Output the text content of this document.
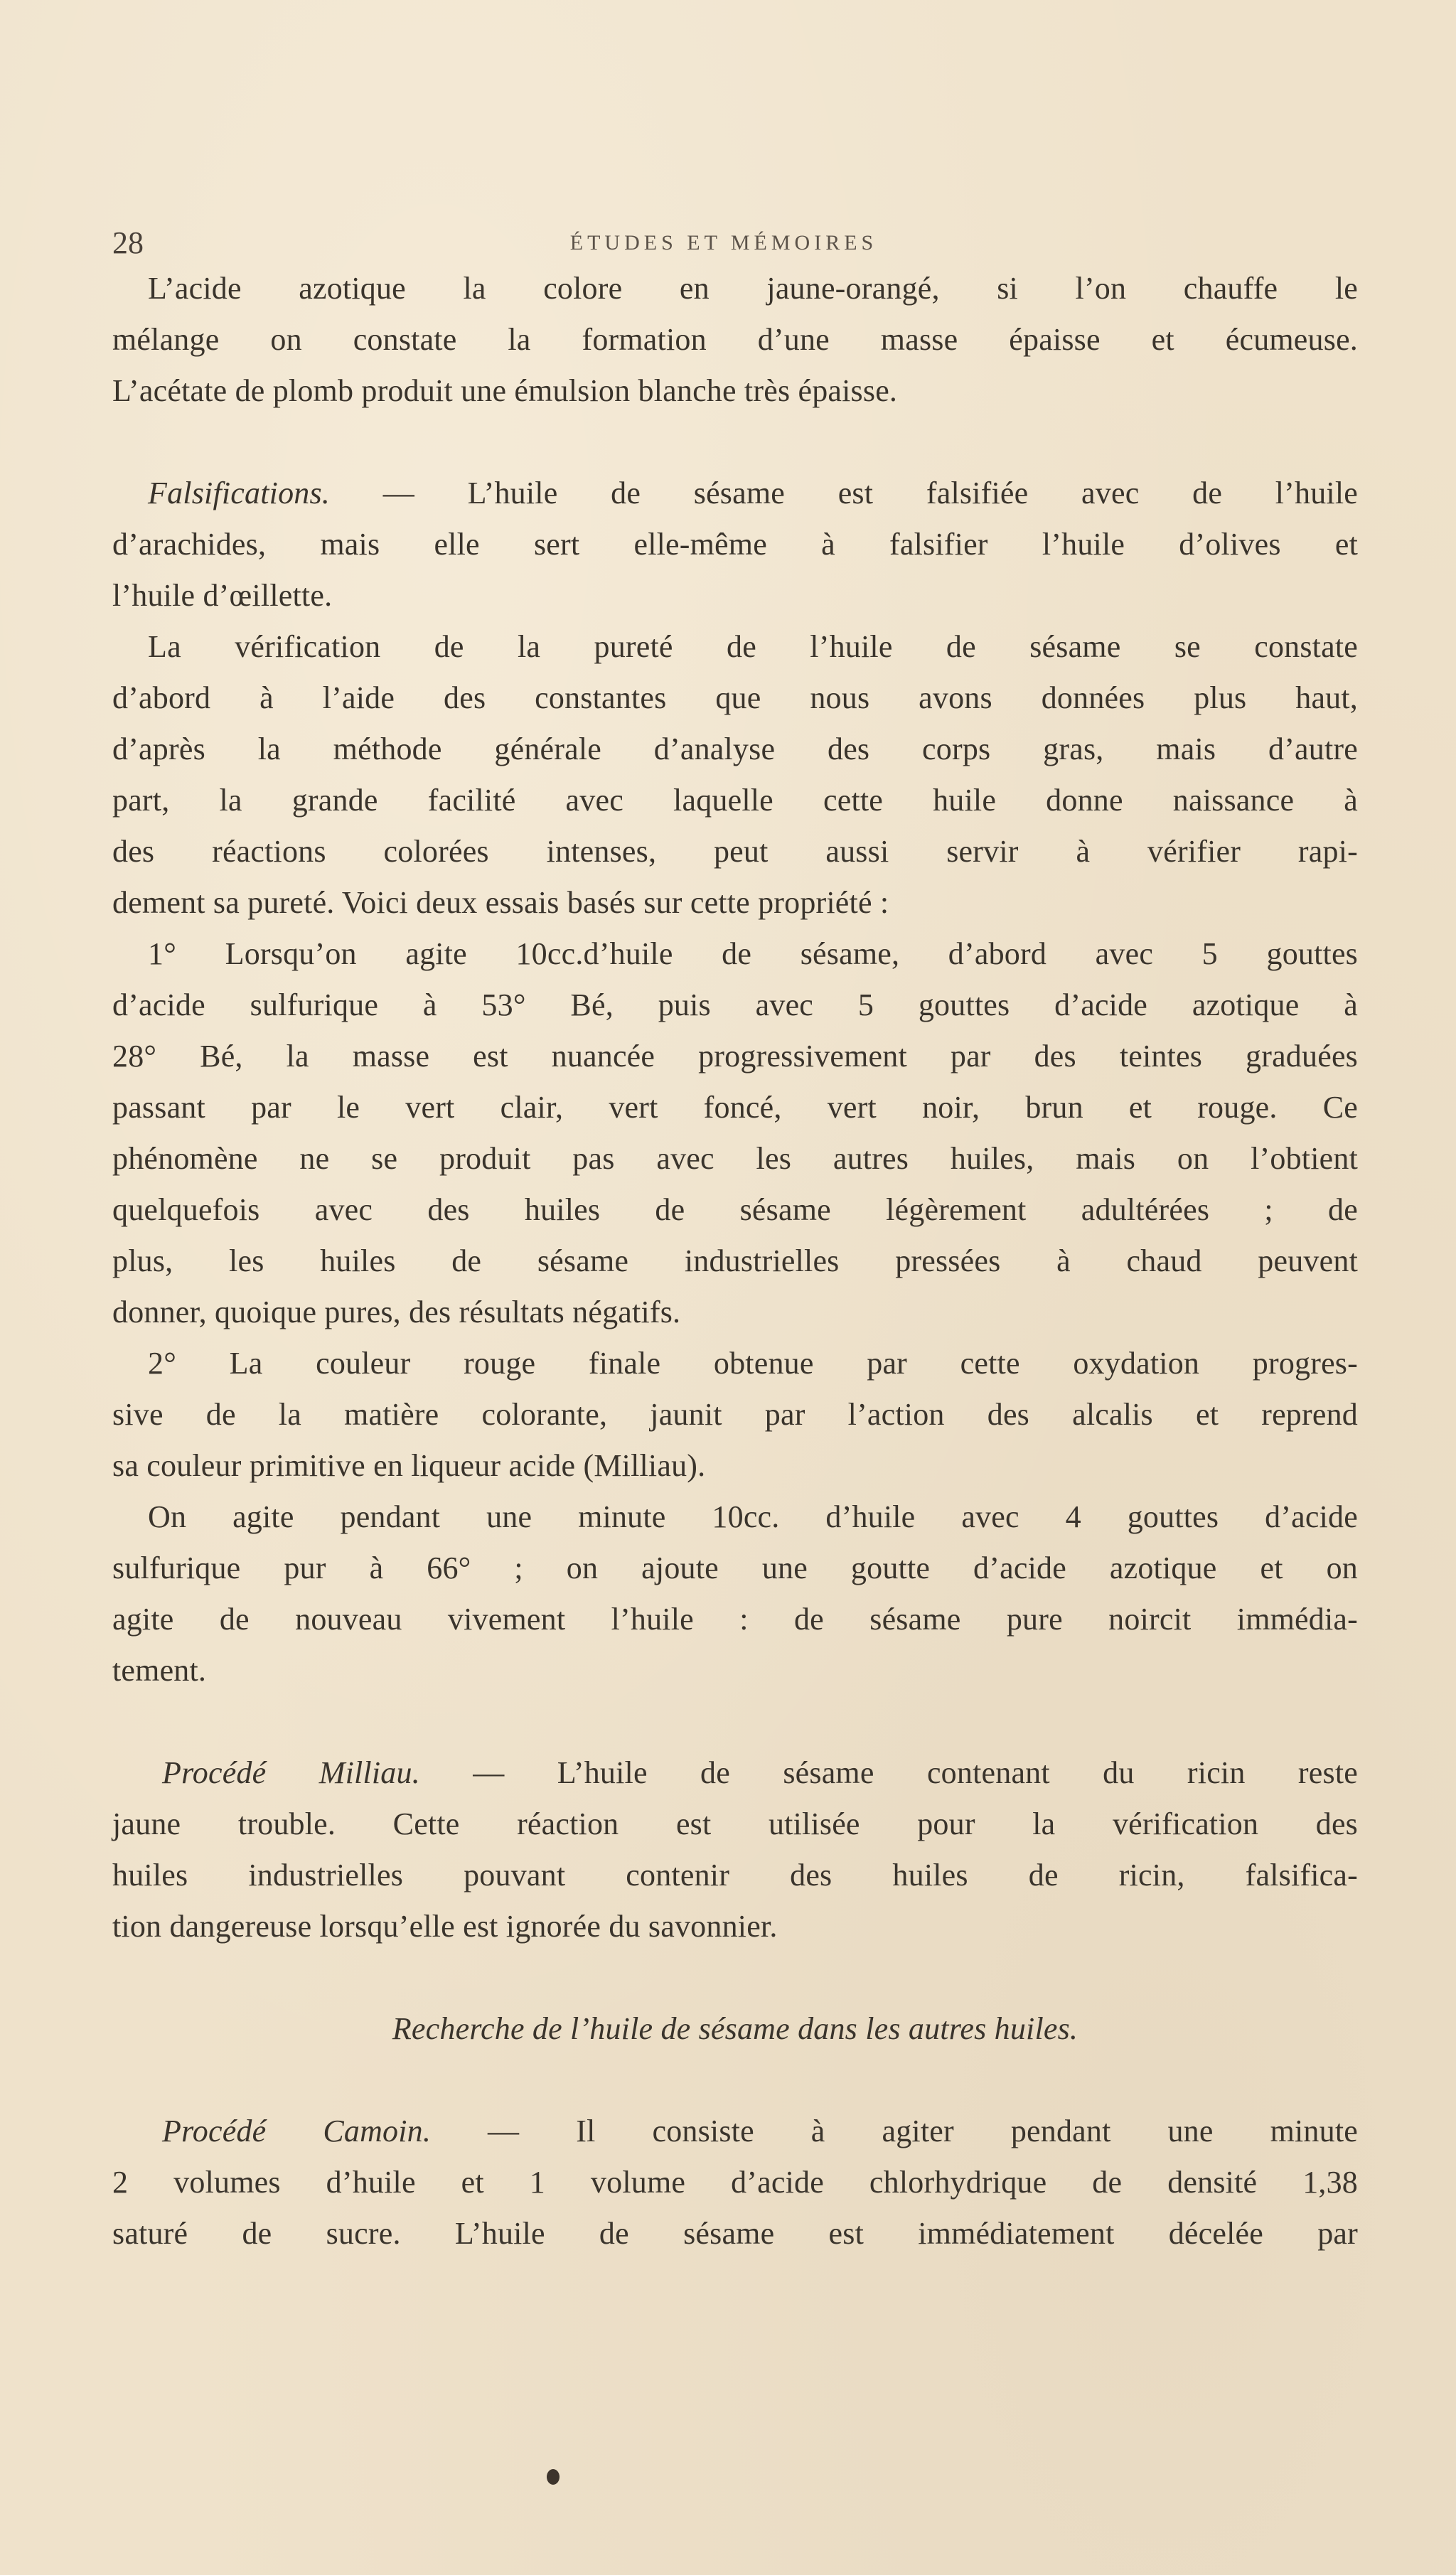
28	ÉTUDES ET MÉMOIRES
L’acide azotique la colore en jaune-orangé, si l’on chauffe le
mélange on constate la formation d’une masse épaisse et écumeuse.
L’acétate de plomb produit une émulsion blanche très épaisse.
Falsifications. — L’huile de sésame est falsifiée avec de l’huile
d’arachides, mais elle sert elle-même à falsifier l’huile d’olives et
l’huile d’œillette.
La vérification de la pureté de l’huile de sésame se constate
d’abord à l’aide des constantes que nous avons données plus haut,
d’après la méthode générale d’analyse des corps gras, mais d’autre
part, la grande facilité avec laquelle cette huile donne naissance à
des réactions colorées intenses, peut aussi servir à vérifier rapi-
dement sa pureté. Voici deux essais basés sur cette propriété :
1° Lorsqu’on agite 10cc.d’huile de sésame, d’abord avec 5 gouttes
d’acide sulfurique à 53° Bé, puis avec 5 gouttes d’acide azotique à
28° Bé, la masse est nuancée progressivement par des teintes graduées
passant par le vert clair, vert foncé, vert noir, brun et rouge. Ce
phénomène ne se produit pas avec les autres huiles, mais on l’obtient
quelquefois avec des huiles de sésame légèrement adultérées ; de
plus, les huiles de sésame industrielles pressées à chaud peuvent
donner, quoique pures, des résultats négatifs.
2° La couleur rouge finale obtenue par cette oxydation progres-
sive de la matière colorante, jaunit par l’action des alcalis et reprend
sa couleur primitive en liqueur acide (Milliau).
On agite pendant une minute 10cc. d’huile avec 4 gouttes d’acide
sulfurique pur à 66° ; on ajoute une goutte d’acide azotique et on
agite de nouveau vivement l’huile : de sésame pure noircit immédia-
tement.
Procédé Milliau. — L’huile de sésame contenant du ricin reste
jaune trouble. Cette réaction est utilisée pour la vérification des
huiles industrielles pouvant contenir des huiles de ricin, falsifica-
tion dangereuse lorsqu’elle est ignorée du savonnier.
Recherche de l’huile de sésame dans les autres huiles.
Procédé Camoin. — Il consiste à agiter pendant une minute
2 volumes d’huile et 1 volume d’acide chlorhydrique de densité 1,38
saturé de sucre. L’huile de sésame est immédiatement décelée par
